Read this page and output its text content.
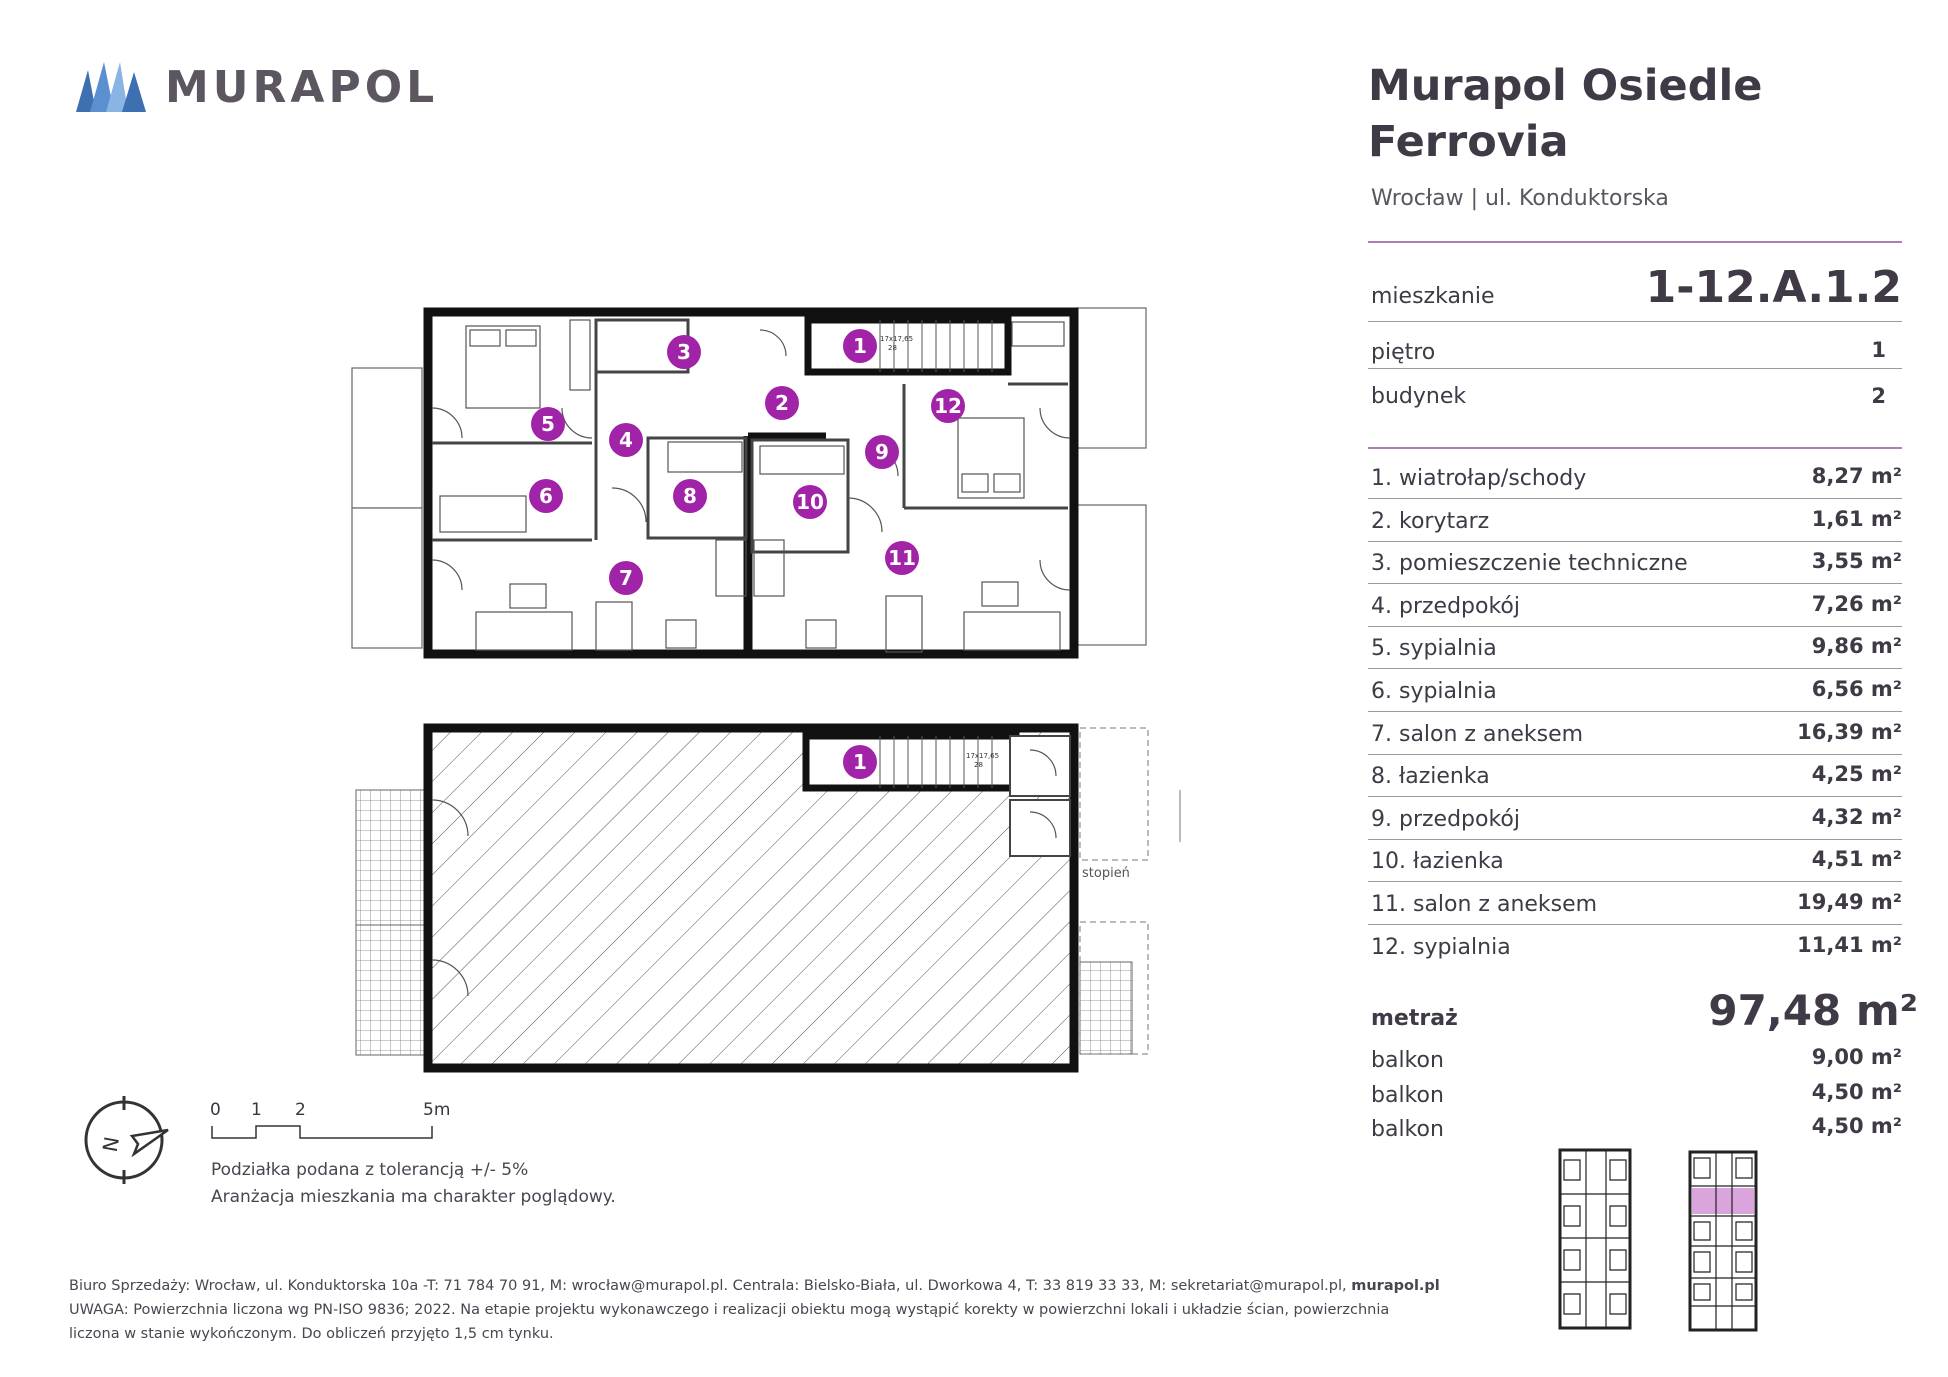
MURAPOL	Murapol Osiedle
Ferrovia
Wrocław | ul. Konduktorska
mieszkanie	1-12.A.1.2
piętro	1
budynek	2
1. wiatrołap/schody	8,27 m²
2. korytarz	1,61 m²
3. pomieszczenie techniczne	3,55 m²
4. przedpokój	7,26 m²
5. sypialnia	9,86 m²
6. sypialnia	6,56 m²
7. salon z aneksem	16,39 m²
8. łazienka	4,25 m²
9. przedpokój	4,32 m²
10. łazienka	4,51 m²
11. salon z aneksem	19,49 m²
12. sypialnia	11,41 m²
metraż	97,48 m²
balkon	9,00 m²
balkon	4,50 m²
balkon	4,50 m²
1
2
3
4
5
6
7
8
9
10
11
12
1
17x17,65
28
17x17,65
28
stopień
N
0 1 2	5m
Podziałka podana z tolerancją +/- 5%
Aranżacja mieszkania ma charakter poglądowy.
Biuro Sprzedaży: Wrocław, ul. Konduktorska 10a -T: 71 784 70 91, M: wrocław@murapol.pl. Centrala: Bielsko-Biała, ul. Dworkowa 4, T: 33 819 33 33, M: sekretariat@murapol.pl, murapol.pl
UWAGA: Powierzchnia liczona wg PN-ISO 9836; 2022. Na etapie projektu wykonawczego i realizacji obiektu mogą wystąpić korekty w powierzchni lokali i układzie ścian, powierzchnia
liczona w stanie wykończonym. Do obliczeń przyjęto 1,5 cm tynku.
